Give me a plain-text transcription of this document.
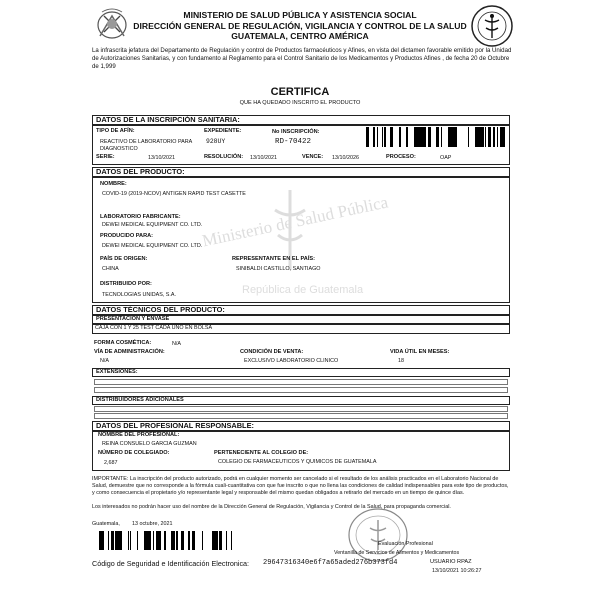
MINISTERIO DE SALUD PÚBLICA Y ASISTENCIA SOCIAL
DIRECCIÓN GENERAL DE REGULACIÓN, VIGILANCIA Y CONTROL DE LA SALUD
GUATEMALA, CENTRO AMÉRICA
La infrascrita jefatura del Departamento de Regulación y control de Productos farmacéuticos y Afines, en vista del dictamen favorable emitido por la Unidad de Autorizaciones Sanitarias, y con fundamento al Reglamento para el Control Sanitario de los Medicamentos y Productos Afines , de fecha 20 de Octubre de 1,999
CERTIFICA
QUE HA QUEDADO INSCRITO EL PRODUCTO
Ministerio de Salud Pública
República de Guatemala
DATOS DE LA INSCRIPCIÓN SANITARIA:
TIPO DE AFÍN:
REACTIVO DE LABORATORIO PARA DIAGNOSTICO
EXPEDIENTE:
928UY
No INSCRIPCIÓN:
RD-70422
SERIE:	13/10/2021	RESOLUCIÓN: 13/10/2021	VENCE: 13/10/2026	PROCESO:	OAP
DATOS DEL PRODUCTO:
NOMBRE:
COVID-19 (2019-NCOV) ANTIGEN RAPID TEST CASETTE
LABORATORIO FABRICANTE:
DEWEI MEDICAL EQUIPMENT CO. LTD.
PRODUCIDO PARA:
DEWEI MEDICAL EQUIPMENT CO. LTD.
PAÍS DE ORIGEN:
CHINA
REPRESENTANTE EN EL PAÍS:
SINIBALDI CASTILLO, SANTIAGO
DISTRIBUIDO POR:
TECNOLOGIAS UNIDAS, S.A.
DATOS TÉCNICOS DEL PRODUCTO:
PRESENTACION Y ENVASE
CAJA CON 1 Y 25 TEST CADA UNO EN BOLSA
FORMA COSMÉTICA:	N/A
VÍA DE ADMINISTRACIÓN:
N/A
CONDICIÓN DE VENTA:
EXCLUSIVO LABORATORIO CLINICO
VIDA ÚTIL EN MESES:
18
EXTENSIONES:
DISTRIBUIDORES ADICIONALES
DATOS DEL PROFESIONAL RESPONSABLE:
NOMBRE DEL PROFESIONAL:
REINA CONSUELO GARCIA GUZMAN
NÚMERO DE COLEGIADO:
2,687
PERTENECIENTE AL COLEGIO DE:
COLEGIO DE FARMACEUTICOS Y QUIMICOS DE GUATEMALA
IMPORTANTE: La inscripción del producto autorizado, podrá en cualquier momento ser cancelado si el resultado de los análisis practicados en el Laboratorio Nacional de Salud, demuestre que no corresponde a la fórmula cuali-cuantitativa con que fue inscrito o que no llena las condiciones de calidad indispensables para este tipo de productos, y como consecuencia el propietario y/o representante legal y responsable del mismo quedan obligados a retirarlo del mercado en un tiempo de quince días.
Los interesados no podrán hacer uso del nombre de la Dirección General de Regulación, Vigilancia y Control de la Salud, para propaganda comercial.
Guatemala, 13 octubre, 2021
Evaluación Profesional
Ventanilla de Servicios de Alimentos y Medicamentos
USUARIO RPAZ
13/10/2021 10:26:27
Código de Seguridad e Identificación Electronica: 29647316340e6f7a65aded276b373fd4
